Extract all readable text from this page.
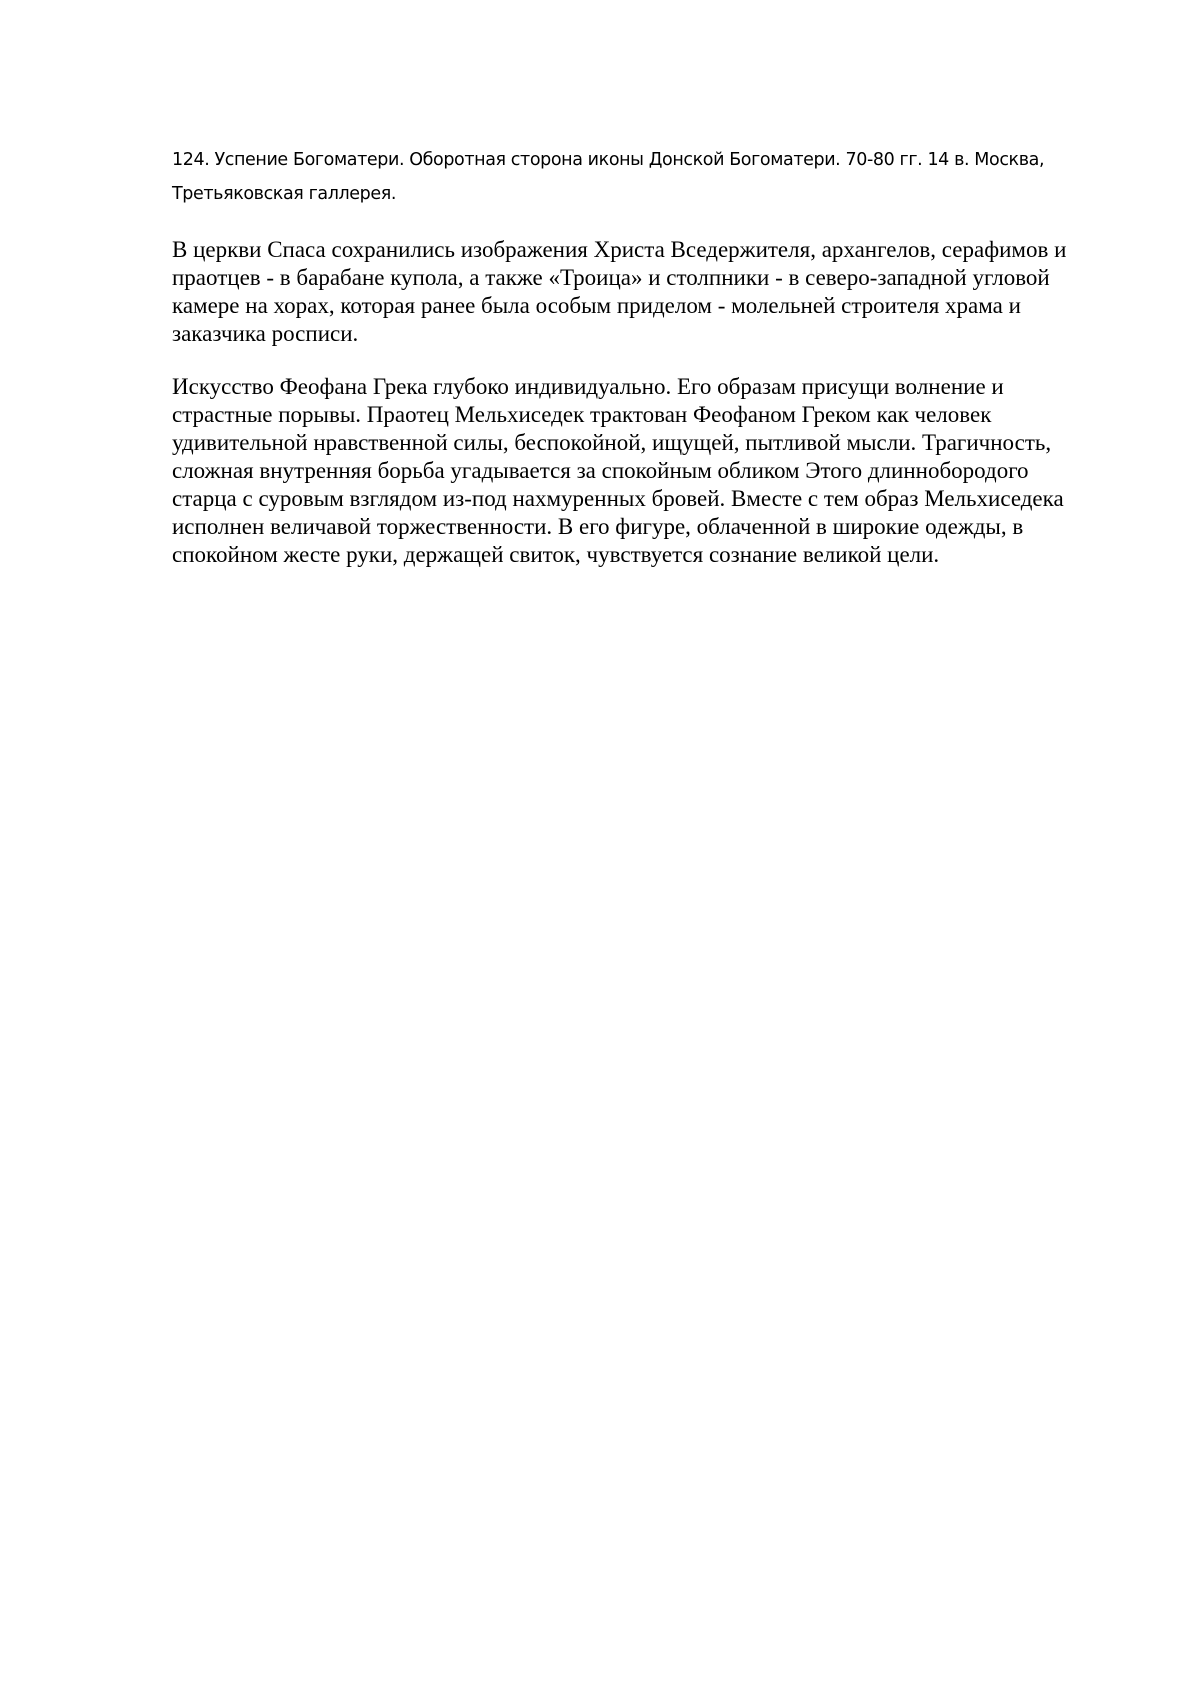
124. Успение Богоматери. Оборотная сторона иконы Донской Богоматери. 70-80 гг. 14 в. Москва,
Третьяковская галлерея.

В церкви Спаса сохранились изображения Христа Вседержителя, архангелов, серафимов и
праотцев - в барабане купола, а также «Троица» и столпники - в северо-западной угловой
камере на хорах, которая ранее была особым приделом - молельней строителя храма и
заказчика росписи.

Искусство Феофана Грека глубоко индивидуально. Его образам присущи волнение и
страстные порывы. Праотец Мельхиседек трактован Феофаном Греком как человек
удивительной нравственной силы, беспокойной, ищущей, пытливой мысли. Трагичность,
сложная внутренняя борьба угадывается за спокойным обликом Этого длиннобородого
старца с суровым взглядом из-под нахмуренных бровей. Вместе с тем образ Мельхиседека
исполнен величавой торжественности. В его фигуре, облаченной в широкие одежды, в
спокойном жесте руки, держащей свиток, чувствуется сознание великой цели.
